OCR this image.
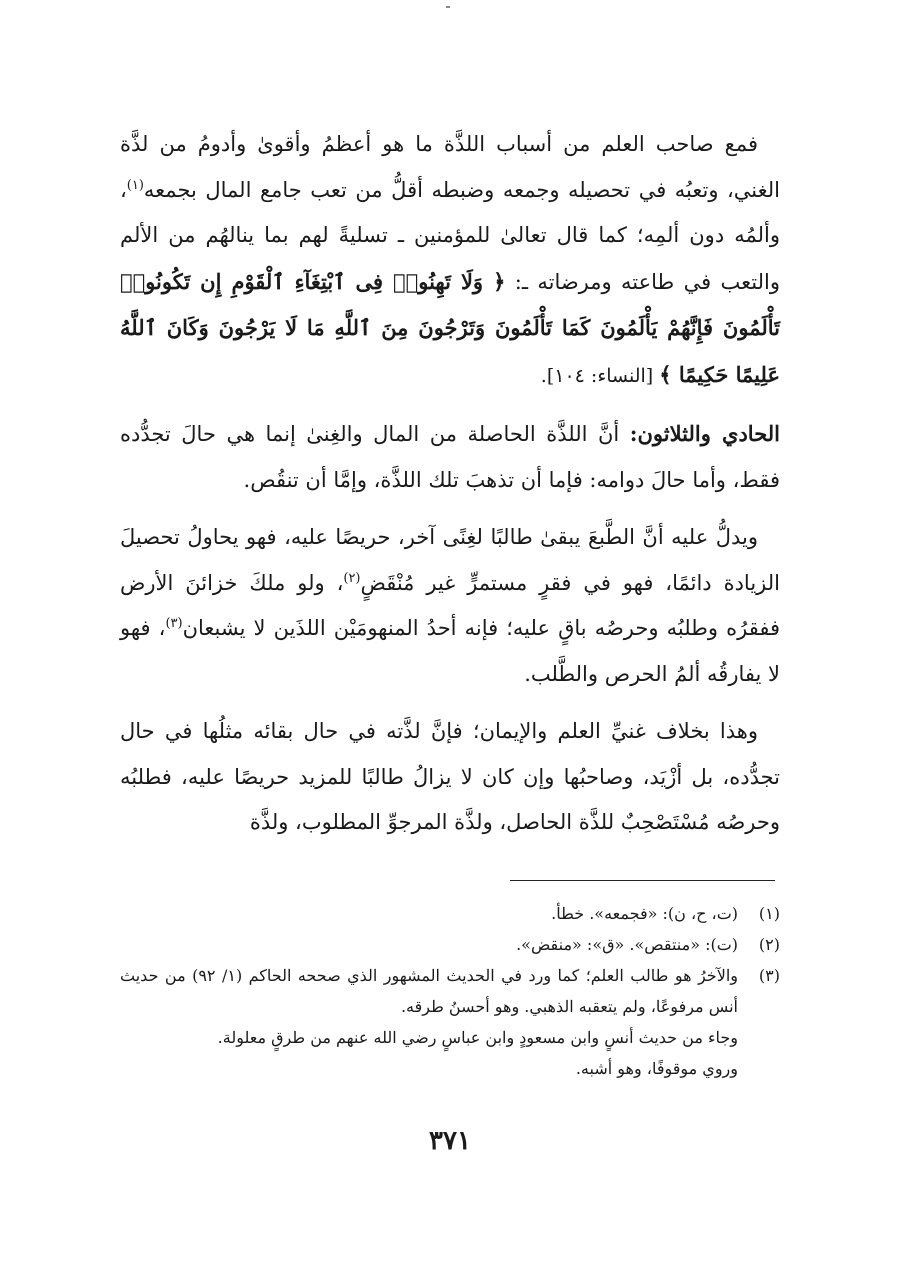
فمع صاحب العلم من أسباب اللذَّة ما هو أعظمُ وأقوىٰ وأدومُ من لذَّة الغني، وتعبُه في تحصيله وجمعه وضبطه أقلُّ من تعب جامع المال بجمعه$^{(١)}$، وألمُه دون ألمِه؛ كما قال تعالىٰ للمؤمنين ـ تسليةً لهم بما ينالهُم من الألم والتعب في طاعته ومرضاته ـ: ﴿ وَلَا تَهِنُوا۟ فِى ٱبْتِغَآءِ ٱلْقَوْمِ إِن تَكُونُوا۟ تَأْلَمُونَ فَإِنَّهُمْ يَأْلَمُونَ كَمَا تَأْلَمُونَ وَتَرْجُونَ مِنَ ٱللَّهِ مَا لَا يَرْجُونَ وَكَانَ ٱللَّهُ عَلِيمًا حَكِيمًا ﴾ [النساء: ١٠٤].

الحادي والثلاثون: أنَّ اللذَّة الحاصلة من المال والغِنىٰ إنما هي حالَ تجدُّده فقط، وأما حالَ دوامه: فإما أن تذهبَ تلك اللذَّة، وإمَّا أن تنقُص.

ويدلُّ عليه أنَّ الطَّبعَ يبقىٰ طالبًا لغِنًى آخر، حريصًا عليه، فهو يحاولُ تحصيلَ الزيادة دائمًا، فهو في فقرٍ مستمرٍّ غير مُنْقَضٍ$^{(٢)}$، ولو ملكَ خزائنَ الأرض ففقرُه وطلبُه وحرصُه باقٍ عليه؛ فإنه أحدُ المنهومَيْن اللذَين لا يشبعان$^{(٣)}$، فهو لا يفارقُه ألمُ الحرص والطَّلب.

وهذا بخلاف غنيِّ العلم والإيمان؛ فإنَّ لذَّته في حال بقائه مثلُها في حال تجدُّده، بل أزْيَد، وصاحبُها وإن كان لا يزالُ طالبًا للمزيد حريصًا عليه، فطلبُه وحرصُه مُسْتَصْحِبٌ للذَّة الحاصل، ولذَّة المرجوِّ المطلوب، ولذَّة

(١)
(ت، ح، ن): «فجمعه». خطأ.
(٢)
(ت): «منتقص». «ق»: «منقض».
(٣)
والآخرُ هو طالب العلم؛ كما ورد في الحديث المشهور الذي صححه الحاكم (١/ ٩٢) من حديث أنس مرفوعًا، ولم يتعقبه الذهبي. وهو أحسنُ طرقه.
وجاء من حديث أنسٍ وابن مسعودٍ وابن عباسٍ رضي الله عنهم من طرقٍ معلولة.
وروي موقوفًا، وهو أشبه.
٣٧١
